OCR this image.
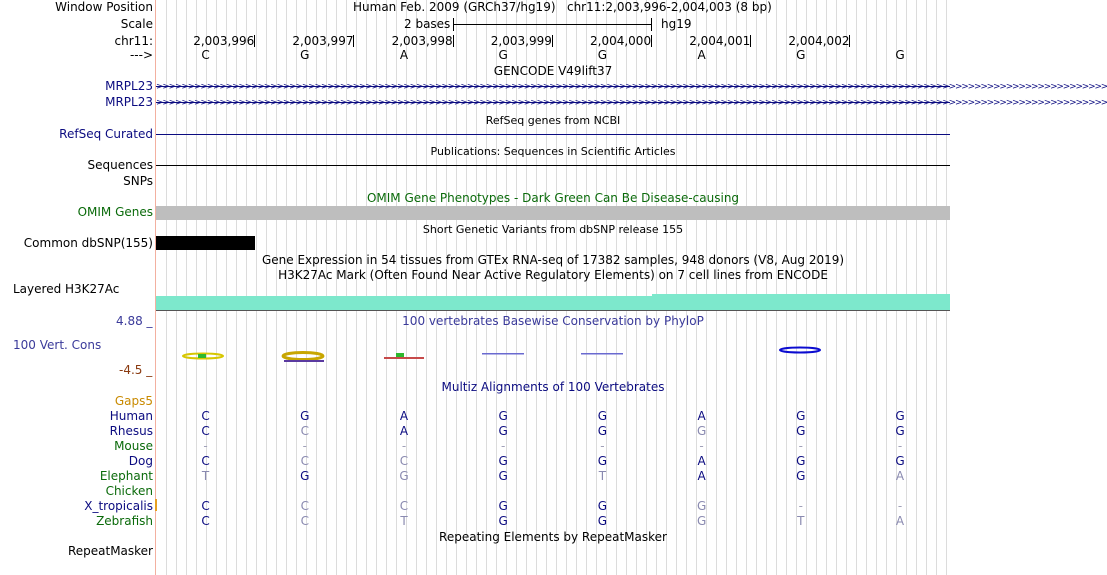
Window Position	Human Feb. 2009 (GRCh37/hg19) chr11:2,003,996-2,004,003 (8 bp)
Scale	2 bases	hg19
chr11:	2,003,996	2,003,997	2,003,998	2,003,999	2,004,000	2,004,001	2,004,002
--->	C	G	A	G	G	A	G	G
GENCODE V49lift37
MRPL23 >>>>>>>>>>>>>>>>>>>>>>>>>>>>>>>>>>>>>>>>>>>>>>>>>>>>>>>>>>>>>>>>>>>>>>>>>>>>>>>>>>>>>>>>>>>>>>>>>>>>>>>>>>>>>>>>>>>>>>>>>>>>>>>>>>>>>>>>>>>>>>>>>>>>>>
MRPL23 >>>>>>>>>>>>>>>>>>>>>>>>>>>>>>>>>>>>>>>>>>>>>>>>>>>>>>>>>>>>>>>>>>>>>>>>>>>>>>>>>>>>>>>>>>>>>>>>>>>>>>>>>>>>>>>>>>>>>>>>>>>>>>>>>>>>>>>>>>>>>>>>>>>>>>
RefSeq genes from NCBI
RefSeq Curated
Publications: Sequences in Scientific Articles
Sequences
SNPs
OMIM Gene Phenotypes - Dark Green Can Be Disease-causing
OMIM Genes
Short Genetic Variants from dbSNP release 155
Common dbSNP(155)
Gene Expression in 54 tissues from GTEx RNA-seq of 17382 samples, 948 donors (V8, Aug 2019)
H3K27Ac Mark (Often Found Near Active Regulatory Elements) on 7 cell lines from ENCODE
Layered H3K27Ac
100 vertebrates Basewise Conservation by PhyloP
4.88 _
100 Vert. Cons
-4.5 _
Multiz Alignments of 100 Vertebrates
Gaps5
Human	C	G	A	G	G	A	G	G
Rhesus	C	C	A	G	G	G	G	G
Mouse	-	-	-	-	-	-	-	-
Dog	C	C	C	G	G	A	G	G
Elephant	T	G	G	G	T	A	G	A
Chicken
X_tropicalis	C	C	C	G	G	G	-	-
Zebrafish	C	C	T	G	G	G	T	A
Repeating Elements by RepeatMasker
RepeatMasker
